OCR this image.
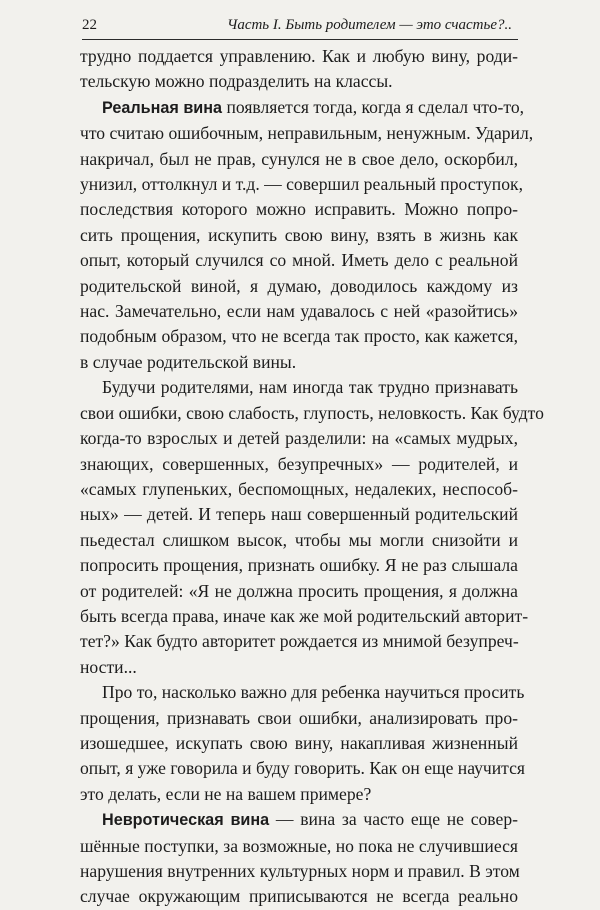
22	Часть I. Быть родителем — это счастье?..

трудно поддается управлению. Как и любую вину, роди-
тельскую можно подразделить на классы.

Реальная вина появляется тогда, когда я сделал что-то,
что считаю ошибочным, неправильным, ненужным. Ударил,
накричал, был не прав, сунулся не в свое дело, оскорбил,
унизил, оттолкнул и т.д. — совершил реальный проступок,
последствия которого можно исправить. Можно попро-
сить прощения, искупить свою вину, взять в жизнь как
опыт, который случился со мной. Иметь дело с реальной
родительской виной, я думаю, доводилось каждому из
нас. Замечательно, если нам удавалось с ней «разойтись»
подобным образом, что не всегда так просто, как кажется,
в случае родительской вины.

Будучи родителями, нам иногда так трудно признавать
свои ошибки, свою слабость, глупость, неловкость. Как будто
когда-то взрослых и детей разделили: на «самых мудрых,
знающих, совершенных, безупречных» — родителей, и
«самых глупеньких, беспомощных, недалеких, неспособ-
ных» — детей. И теперь наш совершенный родительский
пьедестал слишком высок, чтобы мы могли снизойти и
попросить прощения, признать ошибку. Я не раз слышала
от родителей: «Я не должна просить прощения, я должна
быть всегда права, иначе как же мой родительский авторит-
тет?» Как будто авторитет рождается из мнимой безупреч-
ности...

Про то, насколько важно для ребенка научиться просить
прощения, признавать свои ошибки, анализировать про-
изошедшее, искупать свою вину, накапливая жизненный
опыт, я уже говорила и буду говорить. Как он еще научится
это делать, если не на вашем примере?

Невротическая вина — вина за часто еще не совер-
шённые поступки, за возможные, но пока не случившиеся
нарушения внутренних культурных норм и правил. В этом
случае окружающим приписываются не всегда реально
